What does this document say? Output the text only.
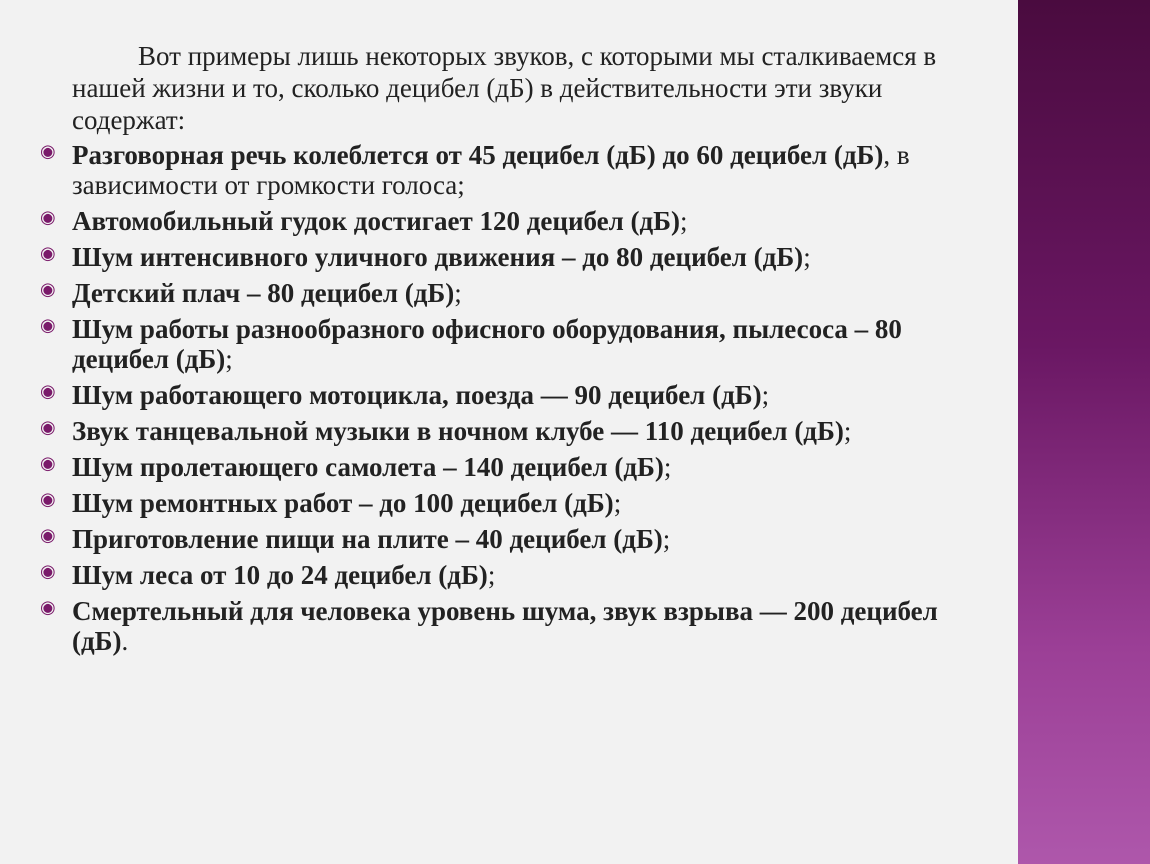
Вот примеры лишь некоторых звуков, с которыми мы сталкиваемся в нашей жизни и то, сколько децибел (дБ) в действительности эти звуки содержат:

◉ Разговорная речь колеблется от 45 децибел (дБ) до 60 децибел (дБ), в зависимости от громкости голоса;
◉ Автомобильный гудок достигает 120 децибел (дБ);
◉ Шум интенсивного уличного движения – до 80 децибел (дБ);
◉ Детский плач – 80 децибел (дБ);
◉ Шум работы разнообразного офисного оборудования, пылесоса – 80 децибел (дБ);
◉ Шум работающего мотоцикла, поезда — 90 децибел (дБ);
◉ Звук танцевальной музыки в ночном клубе — 110 децибел (дБ);
◉ Шум пролетающего самолета – 140 децибел (дБ);
◉ Шум ремонтных работ – до 100 децибел (дБ);
◉ Приготовление пищи на плите – 40 децибел (дБ);
◉ Шум леса от 10 до 24 децибел (дБ);
◉ Смертельный для человека уровень шума, звук взрыва — 200 децибел (дБ).
